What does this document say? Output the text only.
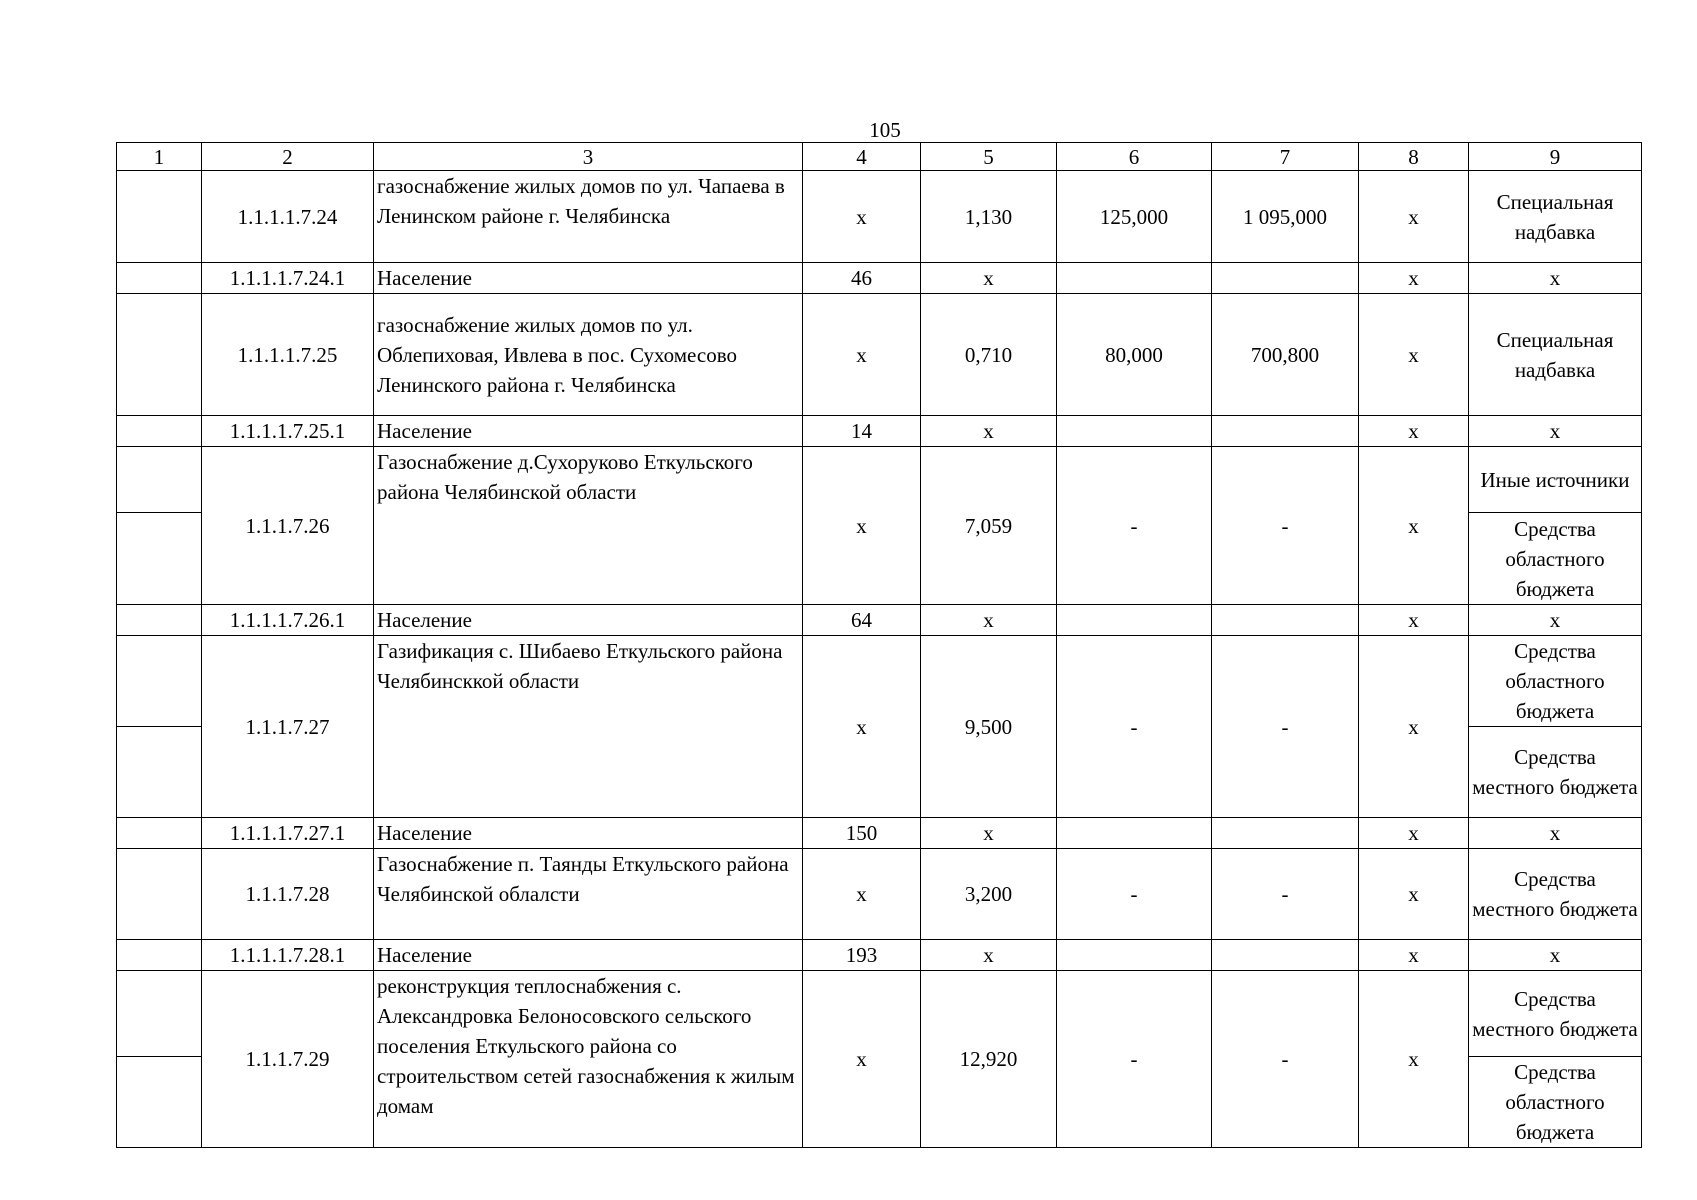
105
1	2	3	4	5	6	7	8	9
	1.1.1.1.7.24	газоснабжение жилых домов по ул. Чапаева в Ленинском районе г. Челябинска	x	1,130	125,000	1 095,000	x	Специальная надбавка
	1.1.1.1.7.24.1	Население	46	x			x	x
	1.1.1.1.7.25	газоснабжение жилых домов по ул. Облепиховая, Ивлева в пос. Сухомесово Ленинского района г. Челябинска	x	0,710	80,000	700,800	x	Специальная надбавка
	1.1.1.1.7.25.1	Население	14	x			x	x
	1.1.1.7.26	Газоснабжение д.Сухоруково Еткульского района Челябинской области	x	7,059	-	-	x	Иные источники
								Средства областного бюджета
	1.1.1.1.7.26.1	Население	64	x			x	x
	1.1.1.7.27	Газификация с. Шибаево Еткульского района Челябинсккой области	x	9,500	-	-	x	Средства областного бюджета
								Средства местного бюджета
	1.1.1.1.7.27.1	Население	150	x			x	x
	1.1.1.7.28	Газоснабжение п. Таянды Еткульского района Челябинской облалсти	x	3,200	-	-	x	Средства местного бюджета
	1.1.1.1.7.28.1	Население	193	x			x	x
	1.1.1.7.29	реконструкция теплоснабжения с. Александровка Белоносовского сельского поселения Еткульского района со строительством сетей газоснабжения к жилым домам	x	12,920	-	-	x	Средства местного бюджета
								Средства областного бюджета
